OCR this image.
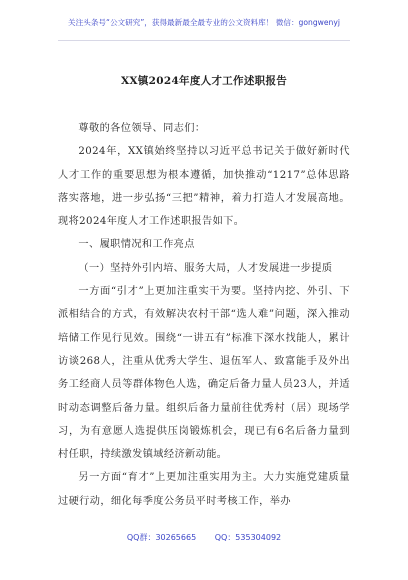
关注头条号“公文研究”，获得最新最全最专业的公文资料库！ 微信：gongwenyj
XX镇2024年度人才工作述职报告

尊敬的各位领导、同志们：

2024年，XX镇始终坚持以习近平总书记关于做好新时代人才工作的重要思想为根本遵循，加快推动“1217”总体思路落实落地，进一步弘扬“三把”精神，着力打造人才发展高地。现将2024年度人才工作述职报告如下。

一、履职情况和工作亮点

（一）坚持外引内培、服务大局，人才发展进一步提质

一方面“引才”上更加注重实干为要。坚持内挖、外引、下派相结合的方式，有效解决农村干部“选人难”问题，深入推动培储工作见行见效。围绕“一讲五有”标准下深水找能人，累计访谈268人，注重从优秀大学生、退伍军人、致富能手及外出务工经商人员等群体物色人选，确定后备力量人员23人，并适时动态调整后备力量。组织后备力量前往优秀村（居）现场学习，为有意愿人选提供压岗锻炼机会，现已有6名后备力量到村任职，持续激发镇域经济新动能。

另一方面“育才”上更加注重实用为主。大力实施党建质量过硬行动，细化每季度公务员平时考核工作，举办

QQ群：30265665 QQ：535304092
